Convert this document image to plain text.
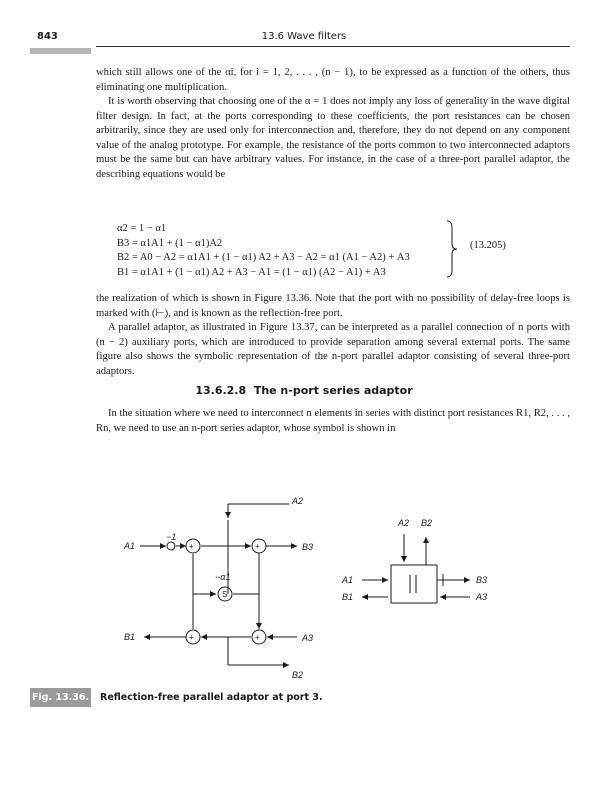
843	13.6 Wave filters
which still allows one of the αi, for i = 1, 2, . . . , (n − 1), to be expressed as a function of the others, thus eliminating one multiplication.
It is worth observing that choosing one of the α = 1 does not imply any loss of generality in the wave digital filter design. In fact, at the ports corresponding to these coefficients, the port resistances can be chosen arbitrarily, since they are used only for interconnection and, therefore, they do not depend on any component value of the analog prototype. For example, the resistance of the ports common to two interconnected adaptors must be the same but can have arbitrary values. For instance, in the case of a three-port parallel adaptor, the describing equations would be
α2 = 1 − α1
B3 = α1A1 + (1 − α1)A2
B2 = A0 − A2 = α1A1 + (1 − α1) A2 + A3 − A2 = α1 (A1 − A2) + A3
B1 = α1A1 + (1 − α1) A2 + A3 − A1 = (1 − α1) (A2 − A1) + A3
(13.205)
the realization of which is shown in Figure 13.36. Note that the port with no possibility of delay-free loops is marked with (⊢), and is known as the reflection-free port.
A parallel adaptor, as illustrated in Figure 13.37, can be interpreted as a parallel connection of n ports with (n − 2) auxiliary ports, which are introduced to provide separation among several external ports. The same figure also shows the symbolic representation of the n-port parallel adaptor consisting of several three-port adaptors.
13.6.2.8 The n-port series adaptor
In the situation where we need to interconnect n elements in series with distinct port resistances R1, R2, . . . , Rn, we need to use an n-port series adaptor, whose symbol is shown in
A2
A1
−1
B3
−α1
S
B1	A3
B2
+	+
+	+
A2 B2
A1
B1
B3
A3
Fig. 13.36. Reflection-free parallel adaptor at port 3.
